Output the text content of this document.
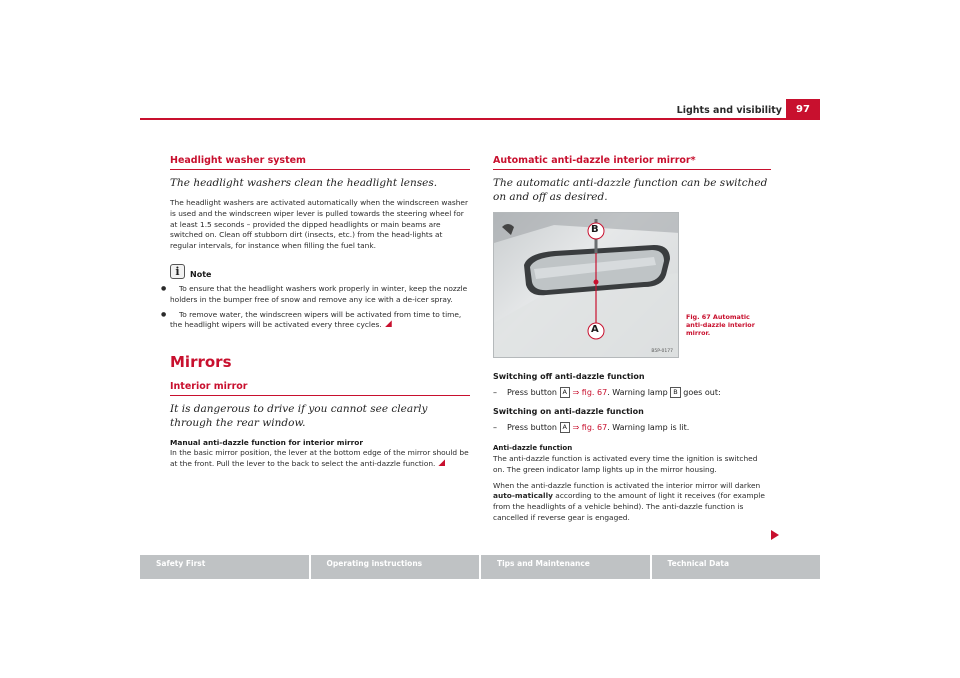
Lights and visibility	97
Headlight washer system
The headlight washers clean the headlight lenses.

The headlight washers are activated automatically when the windscreen washer is used and the windscreen wiper lever is pulled towards the steering wheel for at least 1.5 seconds – provided the dipped headlights or main beams are switched on. Clean off stubborn dirt (insects, etc.) from the head-lights at regular intervals, for instance when filling the fuel tank.

i	Note
● To ensure that the headlight washers work properly in winter, keep the nozzle holders in the bumper free of snow and remove any ice with a de-icer spray.
● To remove water, the windscreen wipers will be activated from time to time, the headlight wipers will be activated every three cycles.
Mirrors
Interior mirror
It is dangerous to drive if you cannot see clearly through the rear window.
Manual anti-dazzle function for interior mirror

In the basic mirror position, the lever at the bottom edge of the mirror should be at the front. Pull the lever to the back to select the anti-dazzle function.

Automatic anti-dazzle interior mirror*
The automatic anti-dazzle function can be switched on and off as desired.
B
A
B5P-0177
Fig. 67 Automatic anti-dazzle interior mirror.
Switching off anti-dazzle function
– Press button A ⇒ fig. 67. Warning lamp B goes out:
Switching on anti-dazzle function
– Press button A ⇒ fig. 67. Warning lamp is lit.
Anti-dazzle function

The anti-dazzle function is activated every time the ignition is switched on. The green indicator lamp lights up in the mirror housing.

When the anti-dazzle function is activated the interior mirror will darken auto-matically according to the amount of light it receives (for example from the headlights of a vehicle behind). The anti-dazzle function is cancelled if reverse gear is engaged.

Safety First	Operating instructions	Tips and Maintenance	Technical Data
